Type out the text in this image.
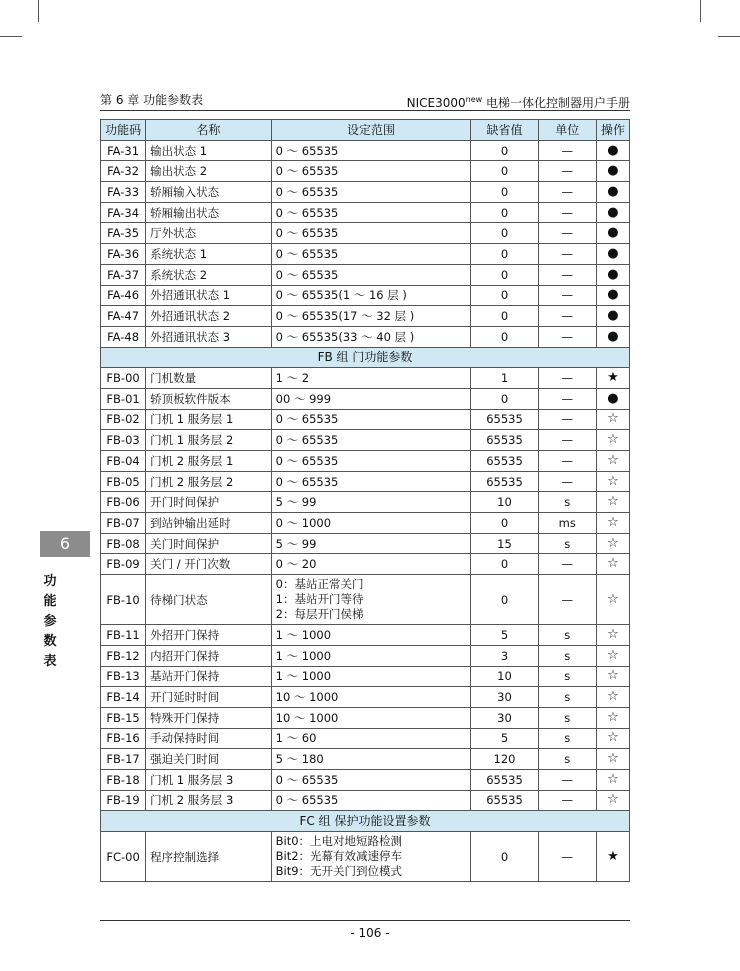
第 6 章 功能参数表	$NICE3000^{new}$ 电梯一体化控制器用户手册
功能码	名称	设定范围	缺省值	单位	操作
FA-31	输出状态 1	0 ～ 65535	0	—	●
FA-32	输出状态 2	0 ～ 65535	0	—	●
FA-33	轿厢输入状态	0 ～ 65535	0	—	●
FA-34	轿厢输出状态	0 ～ 65535	0	—	●
FA-35	厅外状态	0 ～ 65535	0	—	●
FA-36	系统状态 1	0 ～ 65535	0	—	●
FA-37	系统状态 2	0 ～ 65535	0	—	●
FA-46	外招通讯状态 1	0 ～ 65535(1 ～ 16 层 )	0	—	●
FA-47	外招通讯状态 2	0 ～ 65535(17 ～ 32 层 )	0	—	●
FA-48	外招通讯状态 3	0 ～ 65535(33 ～ 40 层 )	0	—	●
FB 组 门功能参数					
FB-00	门机数量	1 ～ 2	1	—	★
FB-01	轿顶板软件版本	00 ～ 999	0	—	●
FB-02	门机 1 服务层 1	0 ～ 65535	65535	—	☆
FB-03	门机 1 服务层 2	0 ～ 65535	65535	—	☆
FB-04	门机 2 服务层 1	0 ～ 65535	65535	—	☆
FB-05	门机 2 服务层 2	0 ～ 65535	65535	—	☆
FB-06	开门时间保护	5 ～ 99	10	s	☆
FB-07	到站钟输出延时	0 ～ 1000	0	ms	☆
FB-08	关门时间保护	5 ～ 99	15	s	☆
FB-09	关门 / 开门次数	0 ～ 20	0	—	☆
FB-10	待梯门状态	0：基站正常关门
1：基站开门等待
2：每层开门侯梯	0	—	☆
FB-11	外招开门保持	1 ～ 1000	5	s	☆
FB-12	内招开门保持	1 ～ 1000	3	s	☆
FB-13	基站开门保持	1 ～ 1000	10	s	☆
FB-14	开门延时时间	10 ～ 1000	30	s	☆
FB-15	特殊开门保持	10 ～ 1000	30	s	☆
FB-16	手动保持时间	1 ～ 60	5	s	☆
FB-17	强迫关门时间	5 ～ 180	120	s	☆
FB-18	门机 1 服务层 3	0 ～ 65535	65535	—	☆
FB-19	门机 2 服务层 3	0 ～ 65535	65535	—	☆
FC 组 保护功能设置参数					
FC-00	程序控制选择	Bit0：上电对地短路检测
Bit2：光幕有效减速停车
Bit9：无开关门到位模式	0	—	★
6
功
能
参
数
表
- 106 -
